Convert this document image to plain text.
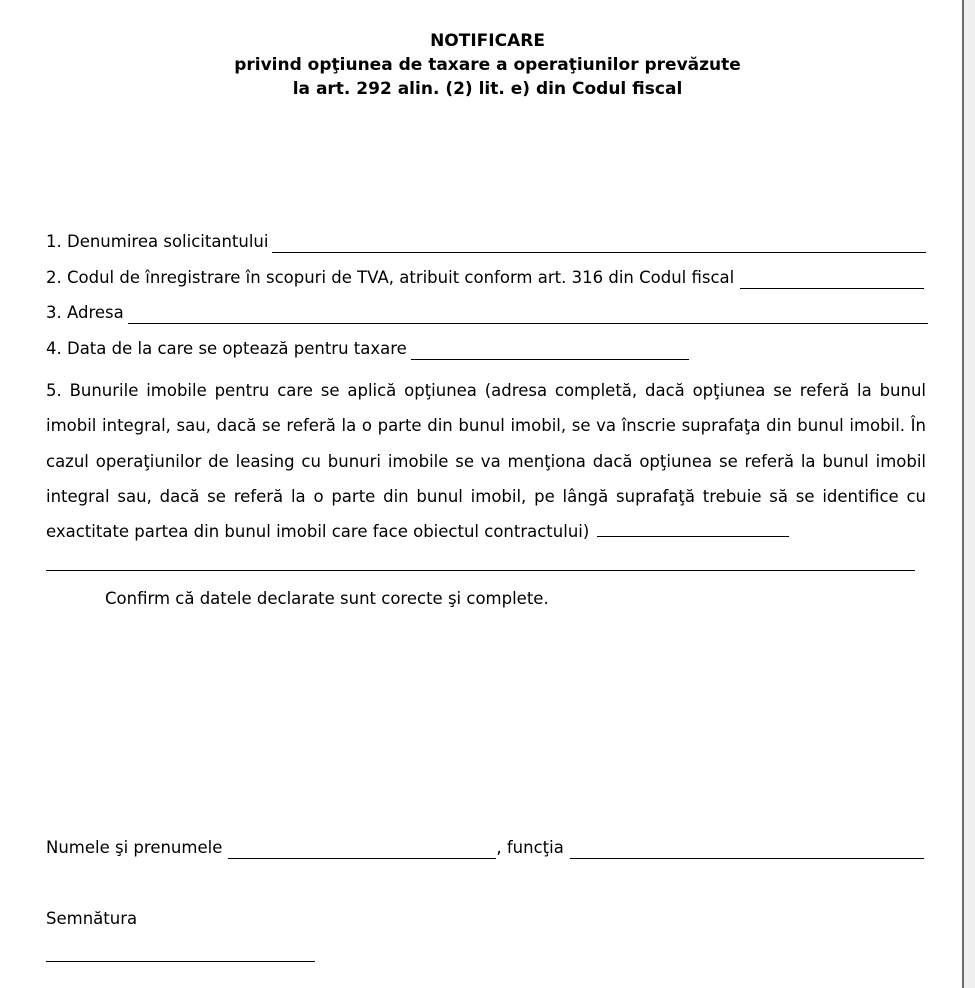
NOTIFICARE
privind opţiunea de taxare a operaţiunilor prevăzute
la art. 292 alin. (2) lit. e) din Codul fiscal
1. Denumirea solicitantului
2. Codul de înregistrare în scopuri de TVA, atribuit conform art. 316 din Codul fiscal
3. Adresa
4. Data de la care se optează pentru taxare
5. Bunurile imobile pentru care se aplică opţiunea (adresa completă, dacă opţiunea se referă la bunul imobil integral, sau, dacă se referă la o parte din bunul imobil, se va înscrie suprafaţa din bunul imobil. În cazul operaţiunilor de leasing cu bunuri imobile se va menţiona dacă opţiunea se referă la bunul imobil integral sau, dacă se referă la o parte din bunul imobil, pe lângă suprafaţă trebuie să se identifice cu exactitate partea din bunul imobil care face obiectul contractului)
Confirm că datele declarate sunt corecte şi complete.
Numele şi prenumele	, funcţia
Semnătura
